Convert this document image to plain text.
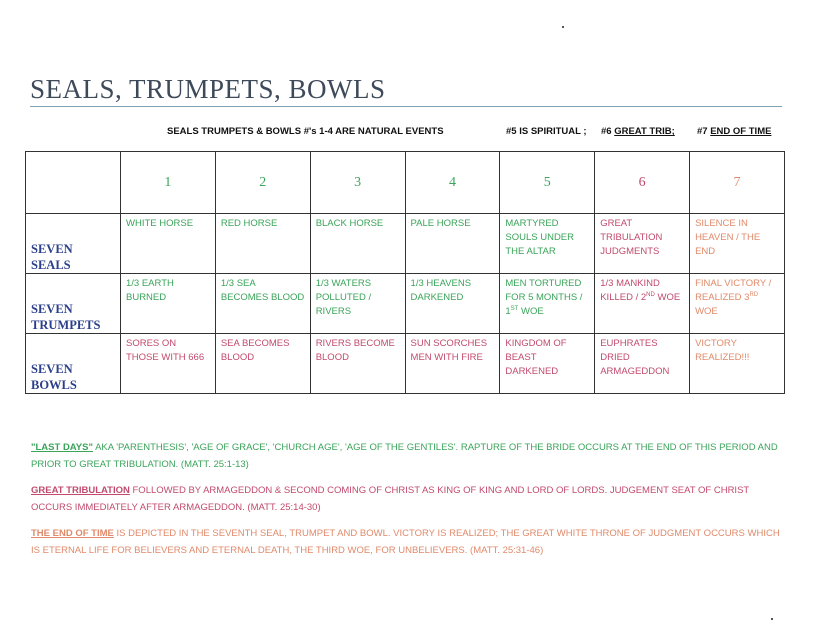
SEALS, TRUMPETS, BOWLS
SEALS TRUMPETS & BOWLS #'s 1-4 ARE NATURAL EVENTS	#5 IS SPIRITUAL ; #6 GREAT TRIB; #7 END OF TIME
	1	2	3	4	5	6	7
SEVEN
SEALS	WHITE HORSE	RED HORSE	BLACK HORSE	PALE HORSE	MARTYRED SOULS UNDER THE ALTAR	GREAT TRIBULATION JUDGMENTS	SILENCE IN HEAVEN / THE END
SEVEN
TRUMPETS	1/3 EARTH BURNED	1/3 SEA BECOMES BLOOD	1/3 WATERS POLLUTED / RIVERS	1/3 HEAVENS DARKENED	MEN TORTURED FOR 5 MONTHS / 1ST WOE	1/3 MANKIND KILLED / 2ND WOE	FINAL VICTORY / REALIZED 3RD WOE
SEVEN
BOWLS	SORES ON THOSE WITH 666	SEA BECOMES BLOOD	RIVERS BECOME BLOOD	SUN SCORCHES MEN WITH FIRE	KINGDOM OF BEAST DARKENED	EUPHRATES DRIED ARMAGEDDON	VICTORY REALIZED!!!
"LAST DAYS" AKA 'PARENTHESIS', 'AGE OF GRACE', 'CHURCH AGE', 'AGE OF THE GENTILES'. RAPTURE OF THE BRIDE OCCURS AT THE END OF THIS PERIOD AND PRIOR TO GREAT TRIBULATION. (MATT. 25:1-13)
GREAT TRIBULATION FOLLOWED BY ARMAGEDDON & SECOND COMING OF CHRIST AS KING OF KING AND LORD OF LORDS. JUDGEMENT SEAT OF CHRIST OCCURS IMMEDIATELY AFTER ARMAGEDDON. (MATT. 25:14-30)
THE END OF TIME IS DEPICTED IN THE SEVENTH SEAL, TRUMPET AND BOWL. VICTORY IS REALIZED; THE GREAT WHITE THRONE OF JUDGMENT OCCURS WHICH IS ETERNAL LIFE FOR BELIEVERS AND ETERNAL DEATH, THE THIRD WOE, FOR UNBELIEVERS. (MATT. 25:31-46)
